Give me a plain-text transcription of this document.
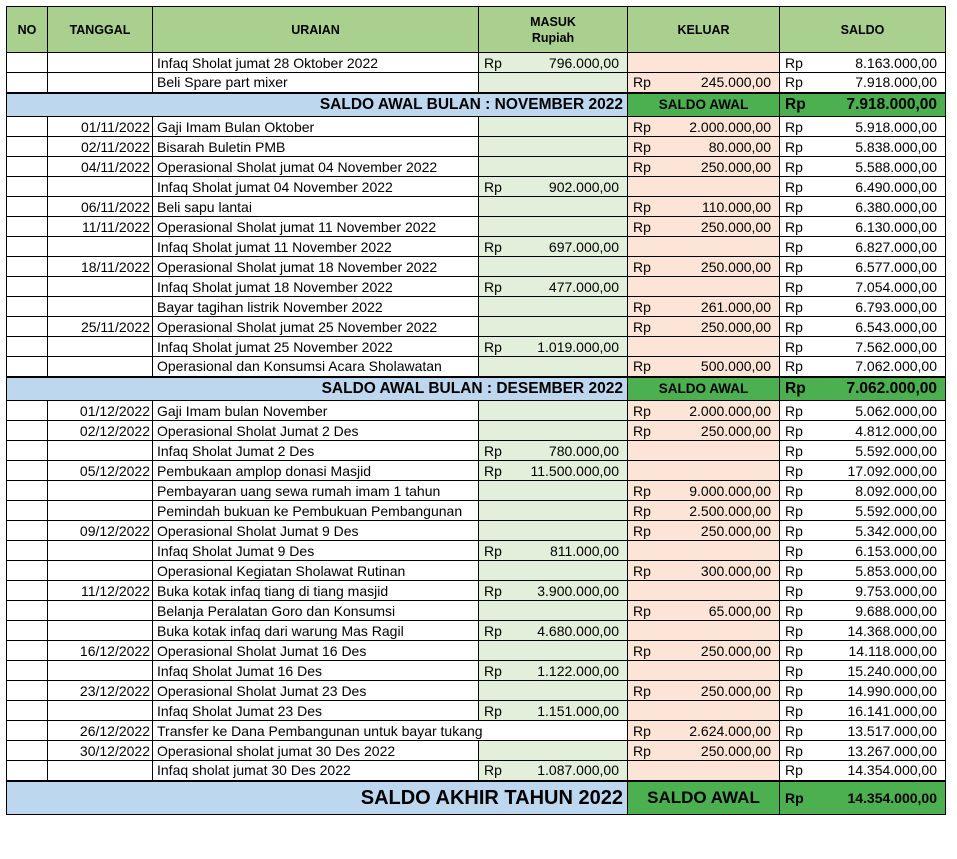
NO	TANGGAL	URAIAN	MASUK
Rupiah		KELUAR		SALDO	
		Infaq Sholat jumat 28 Oktober 2022	Rp	796.000,00			Rp	8.163.000,00
		Beli Spare part mixer			Rp	245.000,00	Rp	7.918.000,00
SALDO AWAL BULAN : NOVEMBER 2022					SALDO AWAL		Rp	7.918.000,00
	01/11/2022	Gaji Imam Bulan Oktober			Rp	2.000.000,00	Rp	5.918.000,00
	02/11/2022	Bisarah Buletin PMB			Rp	80.000,00	Rp	5.838.000,00
	04/11/2022	Operasional Sholat jumat 04 November 2022			Rp	250.000,00	Rp	5.588.000,00
		Infaq Sholat jumat 04 November 2022	Rp	902.000,00			Rp	6.490.000,00
	06/11/2022	Beli sapu lantai			Rp	110.000,00	Rp	6.380.000,00
	11/11/2022	Operasional Sholat jumat 11 November 2022			Rp	250.000,00	Rp	6.130.000,00
		Infaq Sholat jumat 11 November 2022	Rp	697.000,00			Rp	6.827.000,00
	18/11/2022	Operasional Sholat jumat 18 November 2022			Rp	250.000,00	Rp	6.577.000,00
		Infaq Sholat jumat 18 November 2022	Rp	477.000,00			Rp	7.054.000,00
		Bayar tagihan listrik November 2022			Rp	261.000,00	Rp	6.793.000,00
	25/11/2022	Operasional Sholat jumat 25 November 2022			Rp	250.000,00	Rp	6.543.000,00
		Infaq Sholat jumat 25 November 2022	Rp	1.019.000,00			Rp	7.562.000,00
		Operasional dan Konsumsi Acara Sholawatan			Rp	500.000,00	Rp	7.062.000,00
SALDO AWAL BULAN : DESEMBER 2022					SALDO AWAL		Rp	7.062.000,00
	01/12/2022	Gaji Imam bulan November			Rp	2.000.000,00	Rp	5.062.000,00
	02/12/2022	Operasional Sholat Jumat 2 Des			Rp	250.000,00	Rp	4.812.000,00
		Infaq Sholat Jumat 2 Des	Rp	780.000,00			Rp	5.592.000,00
	05/12/2022	Pembukaan amplop donasi Masjid	Rp	11.500.000,00			Rp	17.092.000,00
		Pembayaran uang sewa rumah imam 1 tahun			Rp	9.000.000,00	Rp	8.092.000,00
		Pemindah bukuan ke Pembukuan Pembangunan			Rp	2.500.000,00	Rp	5.592.000,00
	09/12/2022	Operasional Sholat Jumat 9 Des			Rp	250.000,00	Rp	5.342.000,00
		Infaq Sholat Jumat 9 Des	Rp	811.000,00			Rp	6.153.000,00
		Operasional Kegiatan Sholawat Rutinan			Rp	300.000,00	Rp	5.853.000,00
	11/12/2022	Buka kotak infaq tiang di tiang masjid	Rp	3.900.000,00			Rp	9.753.000,00
		Belanja Peralatan Goro dan Konsumsi			Rp	65.000,00	Rp	9.688.000,00
		Buka kotak infaq dari warung Mas Ragil	Rp	4.680.000,00			Rp	14.368.000,00
	16/12/2022	Operasional Sholat Jumat 16 Des			Rp	250.000,00	Rp	14.118.000,00
		Infaq Sholat Jumat 16 Des	Rp	1.122.000,00			Rp	15.240.000,00
	23/12/2022	Operasional Sholat Jumat 23 Des			Rp	250.000,00	Rp	14.990.000,00
		Infaq Sholat Jumat 23 Des	Rp	1.151.000,00			Rp	16.141.000,00
	26/12/2022	Transfer ke Dana Pembangunan untuk bayar tukang			Rp	2.624.000,00	Rp	13.517.000,00
	30/12/2022	Operasional sholat jumat 30 Des 2022			Rp	250.000,00	Rp	13.267.000,00
		Infaq sholat jumat 30 Des 2022	Rp	1.087.000,00			Rp	14.354.000,00
SALDO AKHIR TAHUN 2022					SALDO AWAL		Rp	14.354.000,00
